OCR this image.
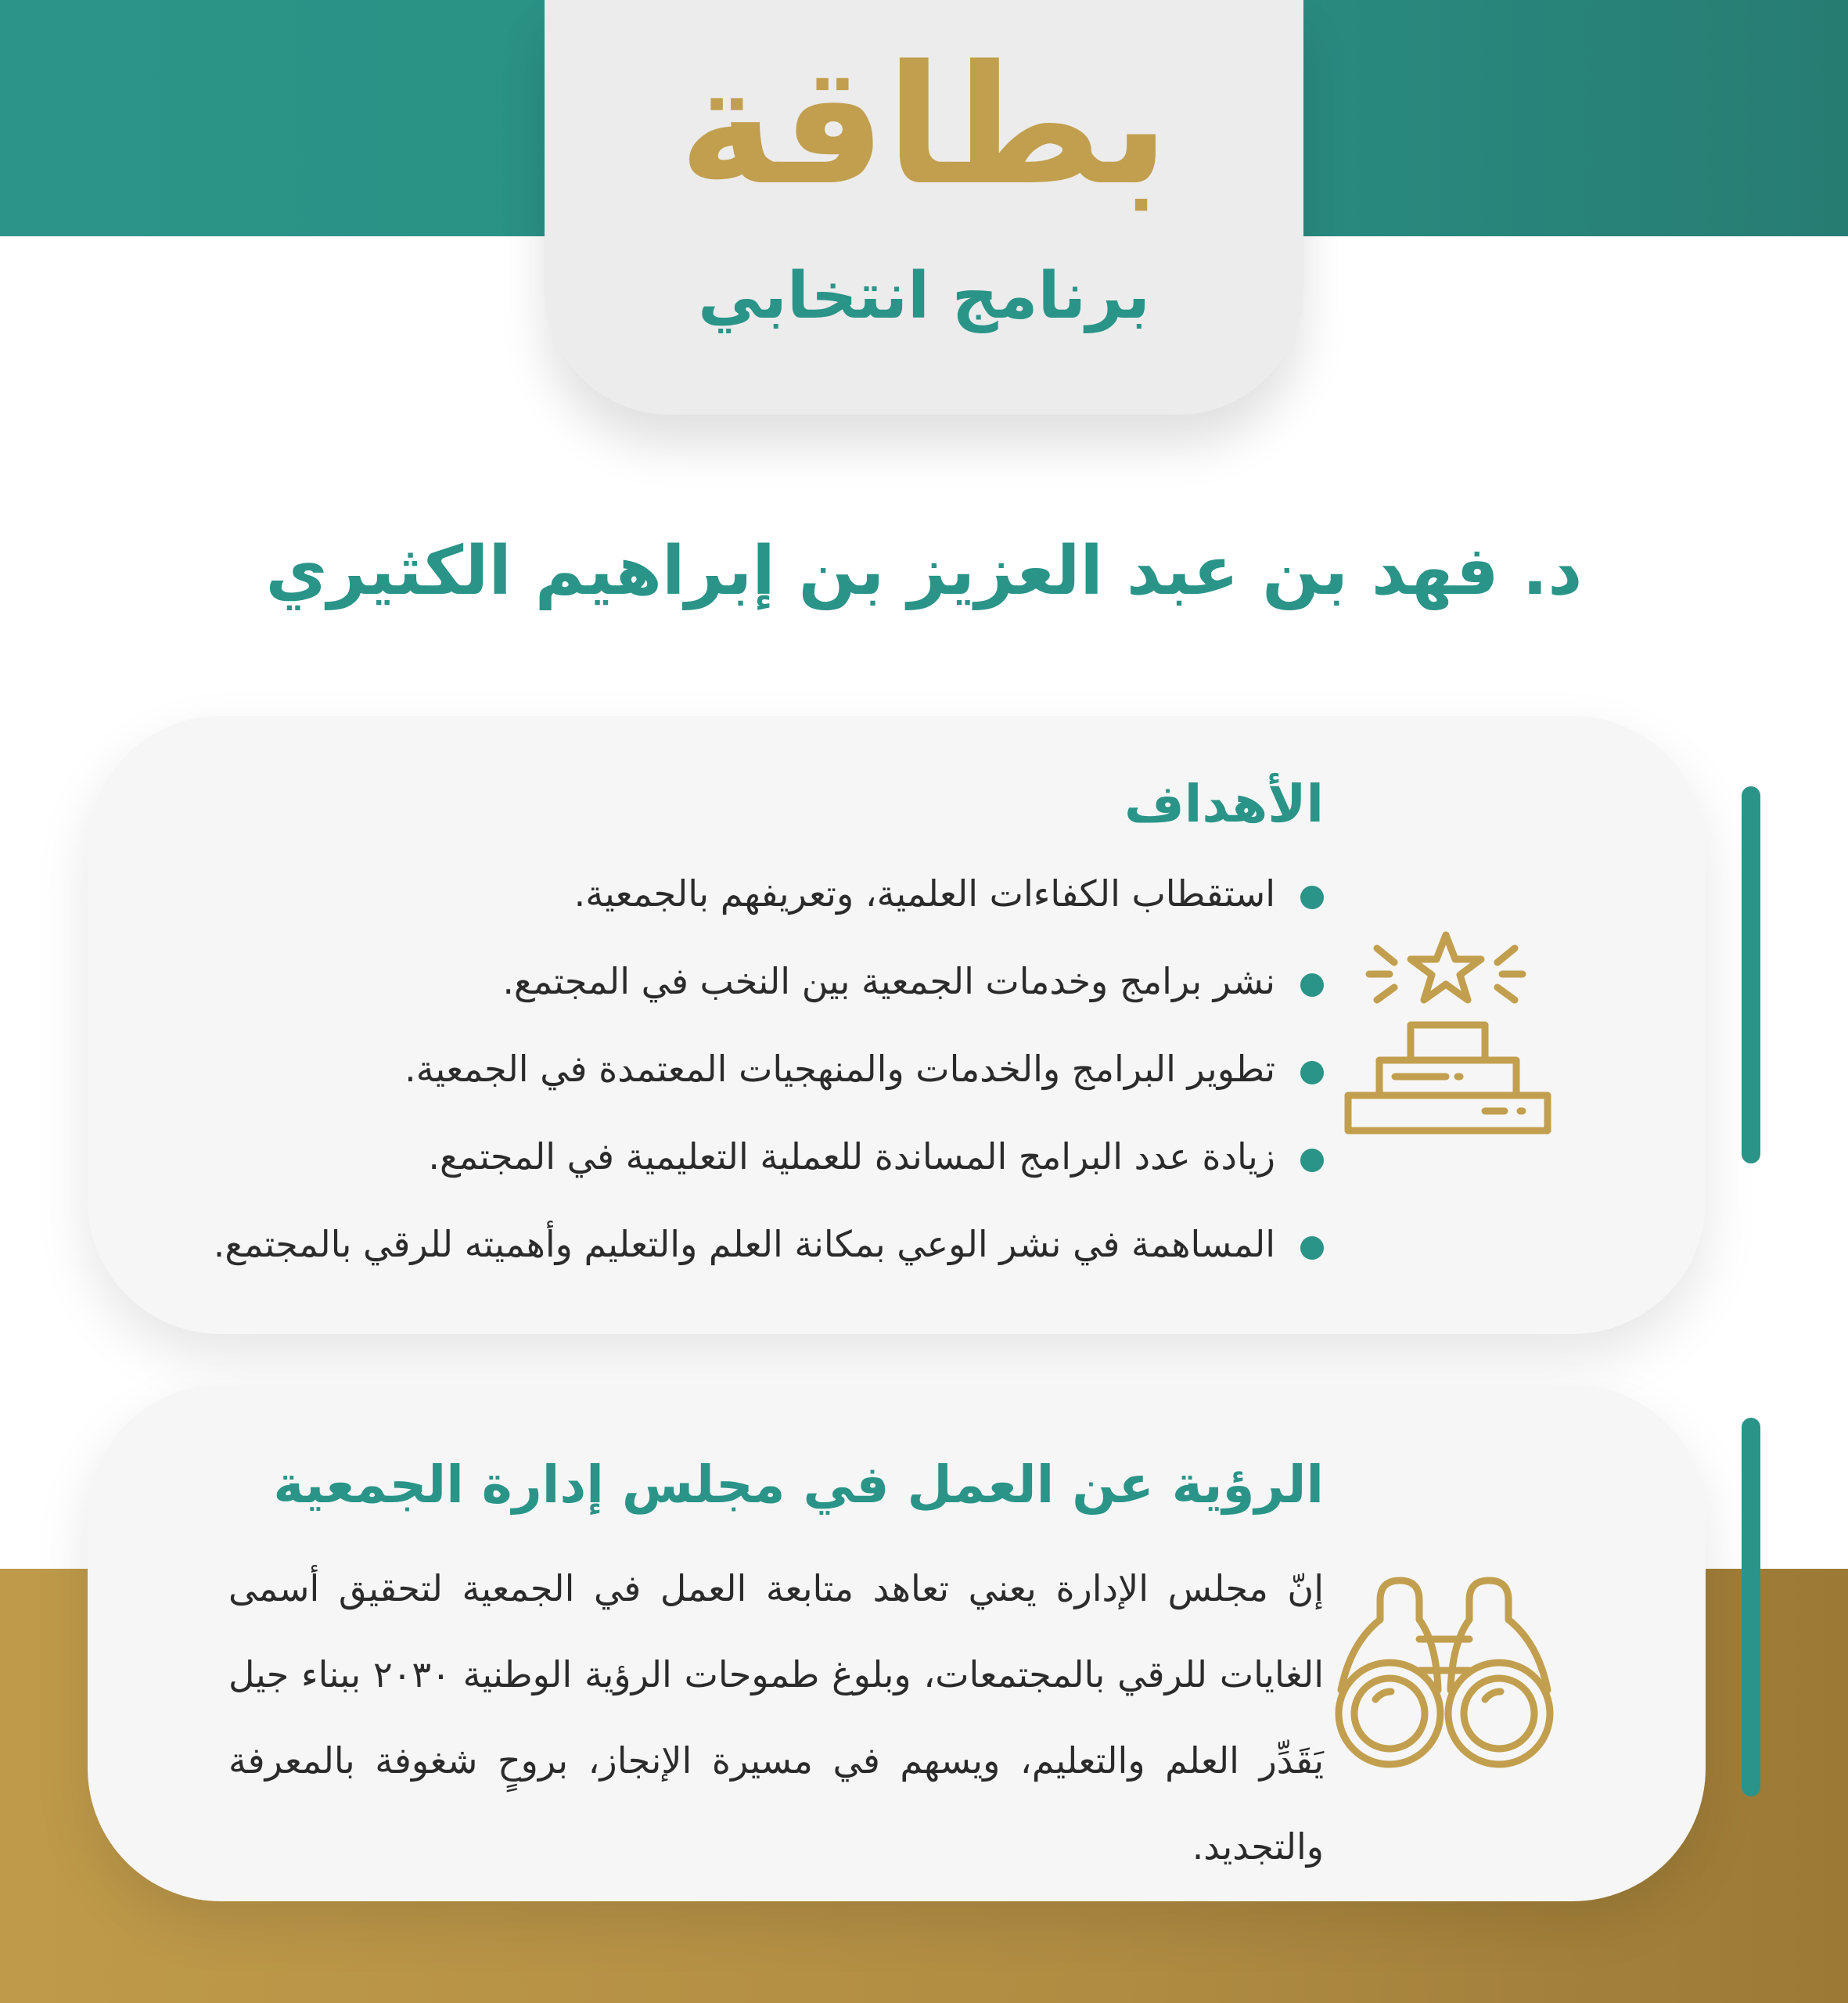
بطاقة
برنامج انتخابي
د. فهد بن عبد العزيز بن إبراهيم الكثيري
الأهداف
استقطاب الكفاءات العلمية، وتعريفهم بالجمعية.
نشر برامج وخدمات الجمعية بين النخب في المجتمع.
تطوير البرامج والخدمات والمنهجيات المعتمدة في الجمعية.
زيادة عدد البرامج المساندة للعملية التعليمية في المجتمع.
المساهمة في نشر الوعي بمكانة العلم والتعليم وأهميته للرقي بالمجتمع.
الرؤية عن العمل في مجلس إدارة الجمعية
إنّ مجلس الإدارة يعني تعاهد متابعة العمل في الجمعية لتحقيق أسمى الغايات للرقي بالمجتمعات، وبلوغ طموحات الرؤية الوطنية ٢٠٣٠ ببناء جيل يَقَدِّر العلم والتعليم، ويسهم في مسيرة الإنجاز، بروحٍ شغوفة بالمعرفة والتجديد.
